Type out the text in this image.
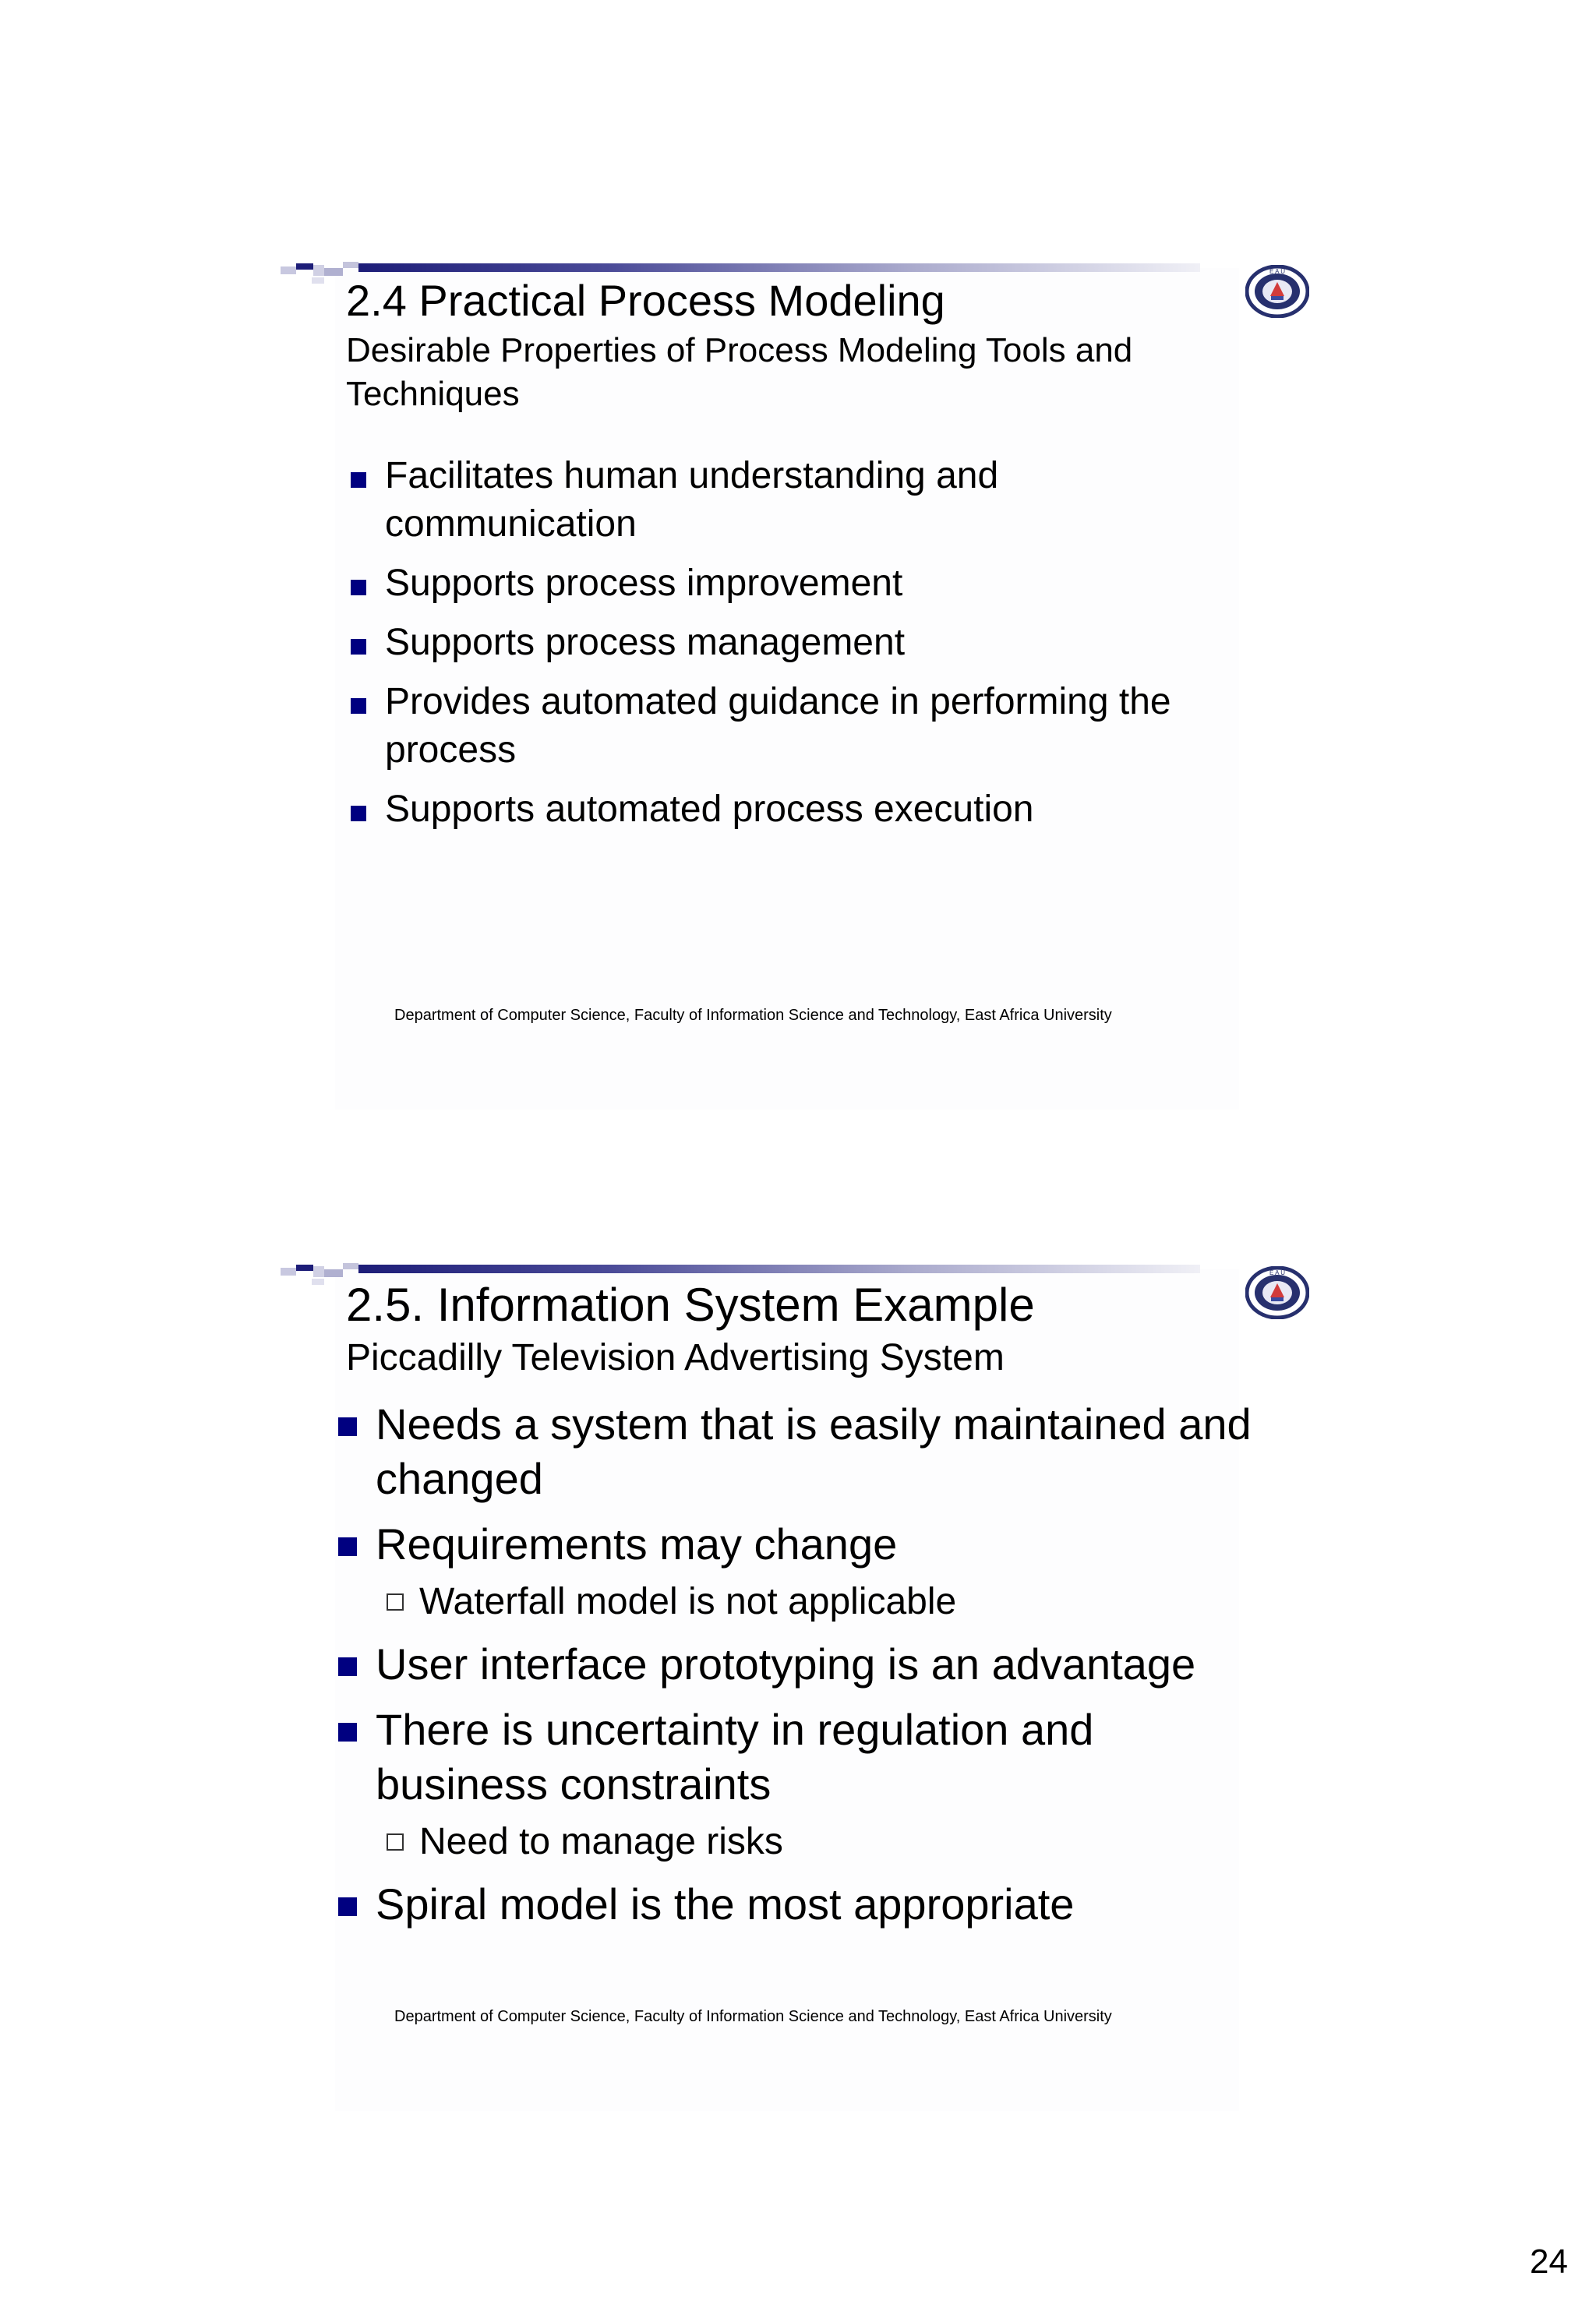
E A U
2.4 Practical Process Modeling
Desirable Properties of Process Modeling Tools and Techniques
Facilitates human understanding and communication
Supports process improvement
Supports process management
Provides automated guidance in performing the process
Supports automated process execution
Department of Computer Science, Faculty of Information Science and Technology, East Africa University
E A U
2.5. Information System Example
Piccadilly Television Advertising System
Needs a system that is easily maintained and changed
Requirements may change
Waterfall model is not applicable
User interface prototyping is an advantage
There is uncertainty in regulation and business constraints
Need to manage risks
Spiral model is the most appropriate
Department of Computer Science, Faculty of Information Science and Technology, East Africa University
24
